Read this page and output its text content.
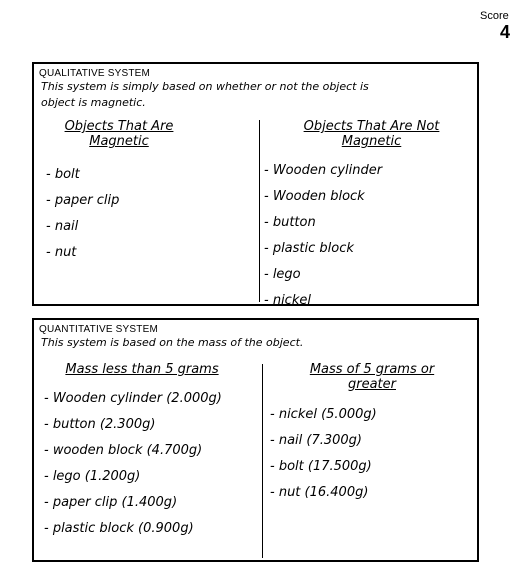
Score
4
QUALITATIVE SYSTEM
This system is simply based on whether or not the object is
object is magnetic.
Objects That Are
Magnetic
Objects That Are Not
Magnetic
- bolt
- paper clip
- nail
- nut
- Wooden cylinder
- Wooden block
- button
- plastic block
- lego
- nickel
QUANTITATIVE SYSTEM
This system is based on the mass of the object.
Mass less than 5 grams	Mass of 5 grams or
greater
- Wooden cylinder (2.000g)
- button (2.300g)
- wooden block (4.700g)
- lego (1.200g)
- paper clip (1.400g)
- plastic block (0.900g)
- nickel (5.000g)
- nail (7.300g)
- bolt (17.500g)
- nut (16.400g)
